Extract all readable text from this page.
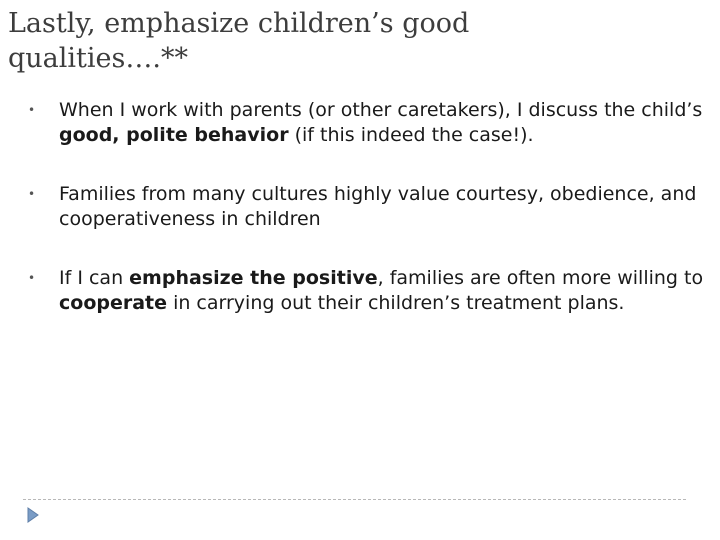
Lastly, emphasize children’s good qualities….**
• When I work with parents (or other caretakers), I discuss the child’s good, polite behavior (if this indeed the case!).
• Families from many cultures highly value courtesy, obedience, and cooperativeness in children
• If I can emphasize the positive, families are often more willing to cooperate in carrying out their children’s treatment plans.
